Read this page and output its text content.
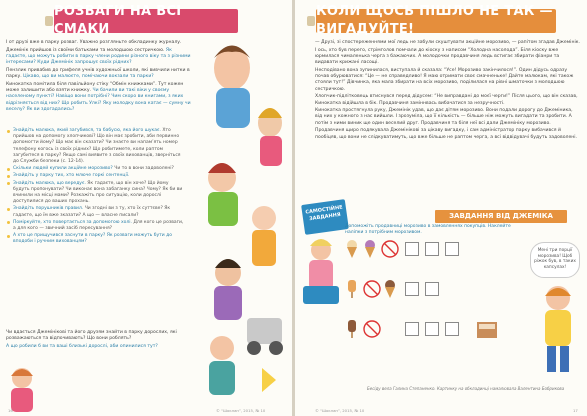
РОЗВАГИ НА ВСІ СМАКИ

І от друзі вже в парку розваг. Уважно розгляньте обкладинку журналу.

Джемінік прийшов із своїми батьками та молодшою сестричкою. Як гадаєте, що можуть робити в парку члени родини різного віку та з різними інтересами? Куди Джемінік запрошує своїх рідних?

Пензлик привабив до грифеля учнів художньої школи, які вивчили нитки в парку. Цікаво, що ви малюєте, помічаючи вокзали та парки?

Кинокатка помітила біля павільйону стіку “Обмін книжками”. Тут кожен може залишити або взяти книжку. Чи бачили ви такі віки у своєму населеному пункті? Навіщо вони потрібні? Чим скоро ви книгами, з яких відрізняється від них? Що робить Улкі? Яку молодку вона катає — сумну чи веселу? Як ви здогадались?

Знайдіть малюка, який загубився, та бабусю, яка його шукає. Хто прийшов на допомогу хлопчикові? Що він має зробити, аби первинно допомогти йому? Що має він сказати? Чи знаєте ви напам’ять номер телефону когось із своїх рідних? Що робитимете, коли раптом загубитеся в парку? Якщо самі виявите з своїх вихованців, зверніться до Служби безпеки (с. 12-14).
Скільки людей купили акційне морозиво? Чи то в вони задоволені?
Знайдіть у парку тих, хто млюче горкі сентенції.
Знайдіть малюка, що вередує. Як гадаєте, що він хоче? Що йому будуть пропонувати? Чи виконає вона забаганку сина? Чому? Як би ви вчинили на місці мами? Розкажіть про ситуацію, коли дорослі доступилися до ваших прохань.
Знайдіть порушників правил. Чи згодні ви з ту, хто їх суттєве? Як гадаєте, що їм вже зказати? А що — власне писали?
Поміркуйте, хто повертається за допомогою холі. Для кого це розваги, а для кого — звичний засіб пересування?
А хто це прищучився заснути в парку? Як розваги можуть бути до вподоби і ручним вихованцям?

Чи вдається Джемінікові та його друзям знайти в парку дорослих, які розважаються та відпочивають? Що вони роблять?

А що робили б ви та ваші близькі дорослі, аби опинилися тут?

16	© “Шоклап”, 2015, № 10
КОЛИ ЩОСЬ ПІШЛО НЕ ТАК — ВИГАДУЙТЕ!

— Друзі, зі спостереженнями мої ледь не забули скуштувати акційне морозиво, — рапітом згадав Джемінік.

І ось, хто був перего, стрімголов помчали до кіоску з написом “Холодна насолода”. Біля кіоску вже юрмилася чималенька черга з бажаючих. А молодочки продавчиня ледь встигає збирати фіанри та видавати крижані ласощі.

Несподівано вона зупинилася, виступала й сказала: “Усе! Морозиво закінчилося!”. Один дідусь одразу почав обурюватися: “Це — не справедливо! Я маю отримати своє смачненьке! Дайте малюкам, які також стояли тут!” Дівчинка, яка мала збирати на всіх морозиво, поділилася на рівні шматочки з молодшою сестричкою.

Хлопчик-підлітковець втиснувся перед дідусем: “Не виправдані до моєї черги!” Після цього, що він сказав, Кинокатка відійшла в бік. Продавчиня заміннвась вибачатися за незручності.

Кинокатка простягнула руку, Джемінік удав, що дає дітям морозиво. Вони подали дорогу до Джеміника, від них у кожного з нас вийшли. І зрозуміла, що її кількість — більше ніж можуть вигадати та зробити. А потім з ними виник ще один веселий друг. Продавчиня та біля неї всі дали Джемініку морозиво.

Продавчиня щиро подякувала Джемінікові за цікаву вигадку, і сам адміністратор парку вибачився й пообіцяв, що вони не слідкуватимуть, що вже більше не раптом черга, а всі відвідувачі будуть задоволені.

САМОСТІЙНЕ ЗАВДАННЯ	ЗАВДАННЯ ВІД ДЖЕМІКА
Допоможіть продавниці морозиво в замовленнях покупців. Наклейте наліпки з потрібним морозивом.
Мені три порції морозива! Щоб ріжок був, в таких капсулах!
Бесіду вела Галина Степаненко. Картинку на обкладинці намалювала Валентина Бобрикова
© “Шоклап”, 2015, № 10	17
